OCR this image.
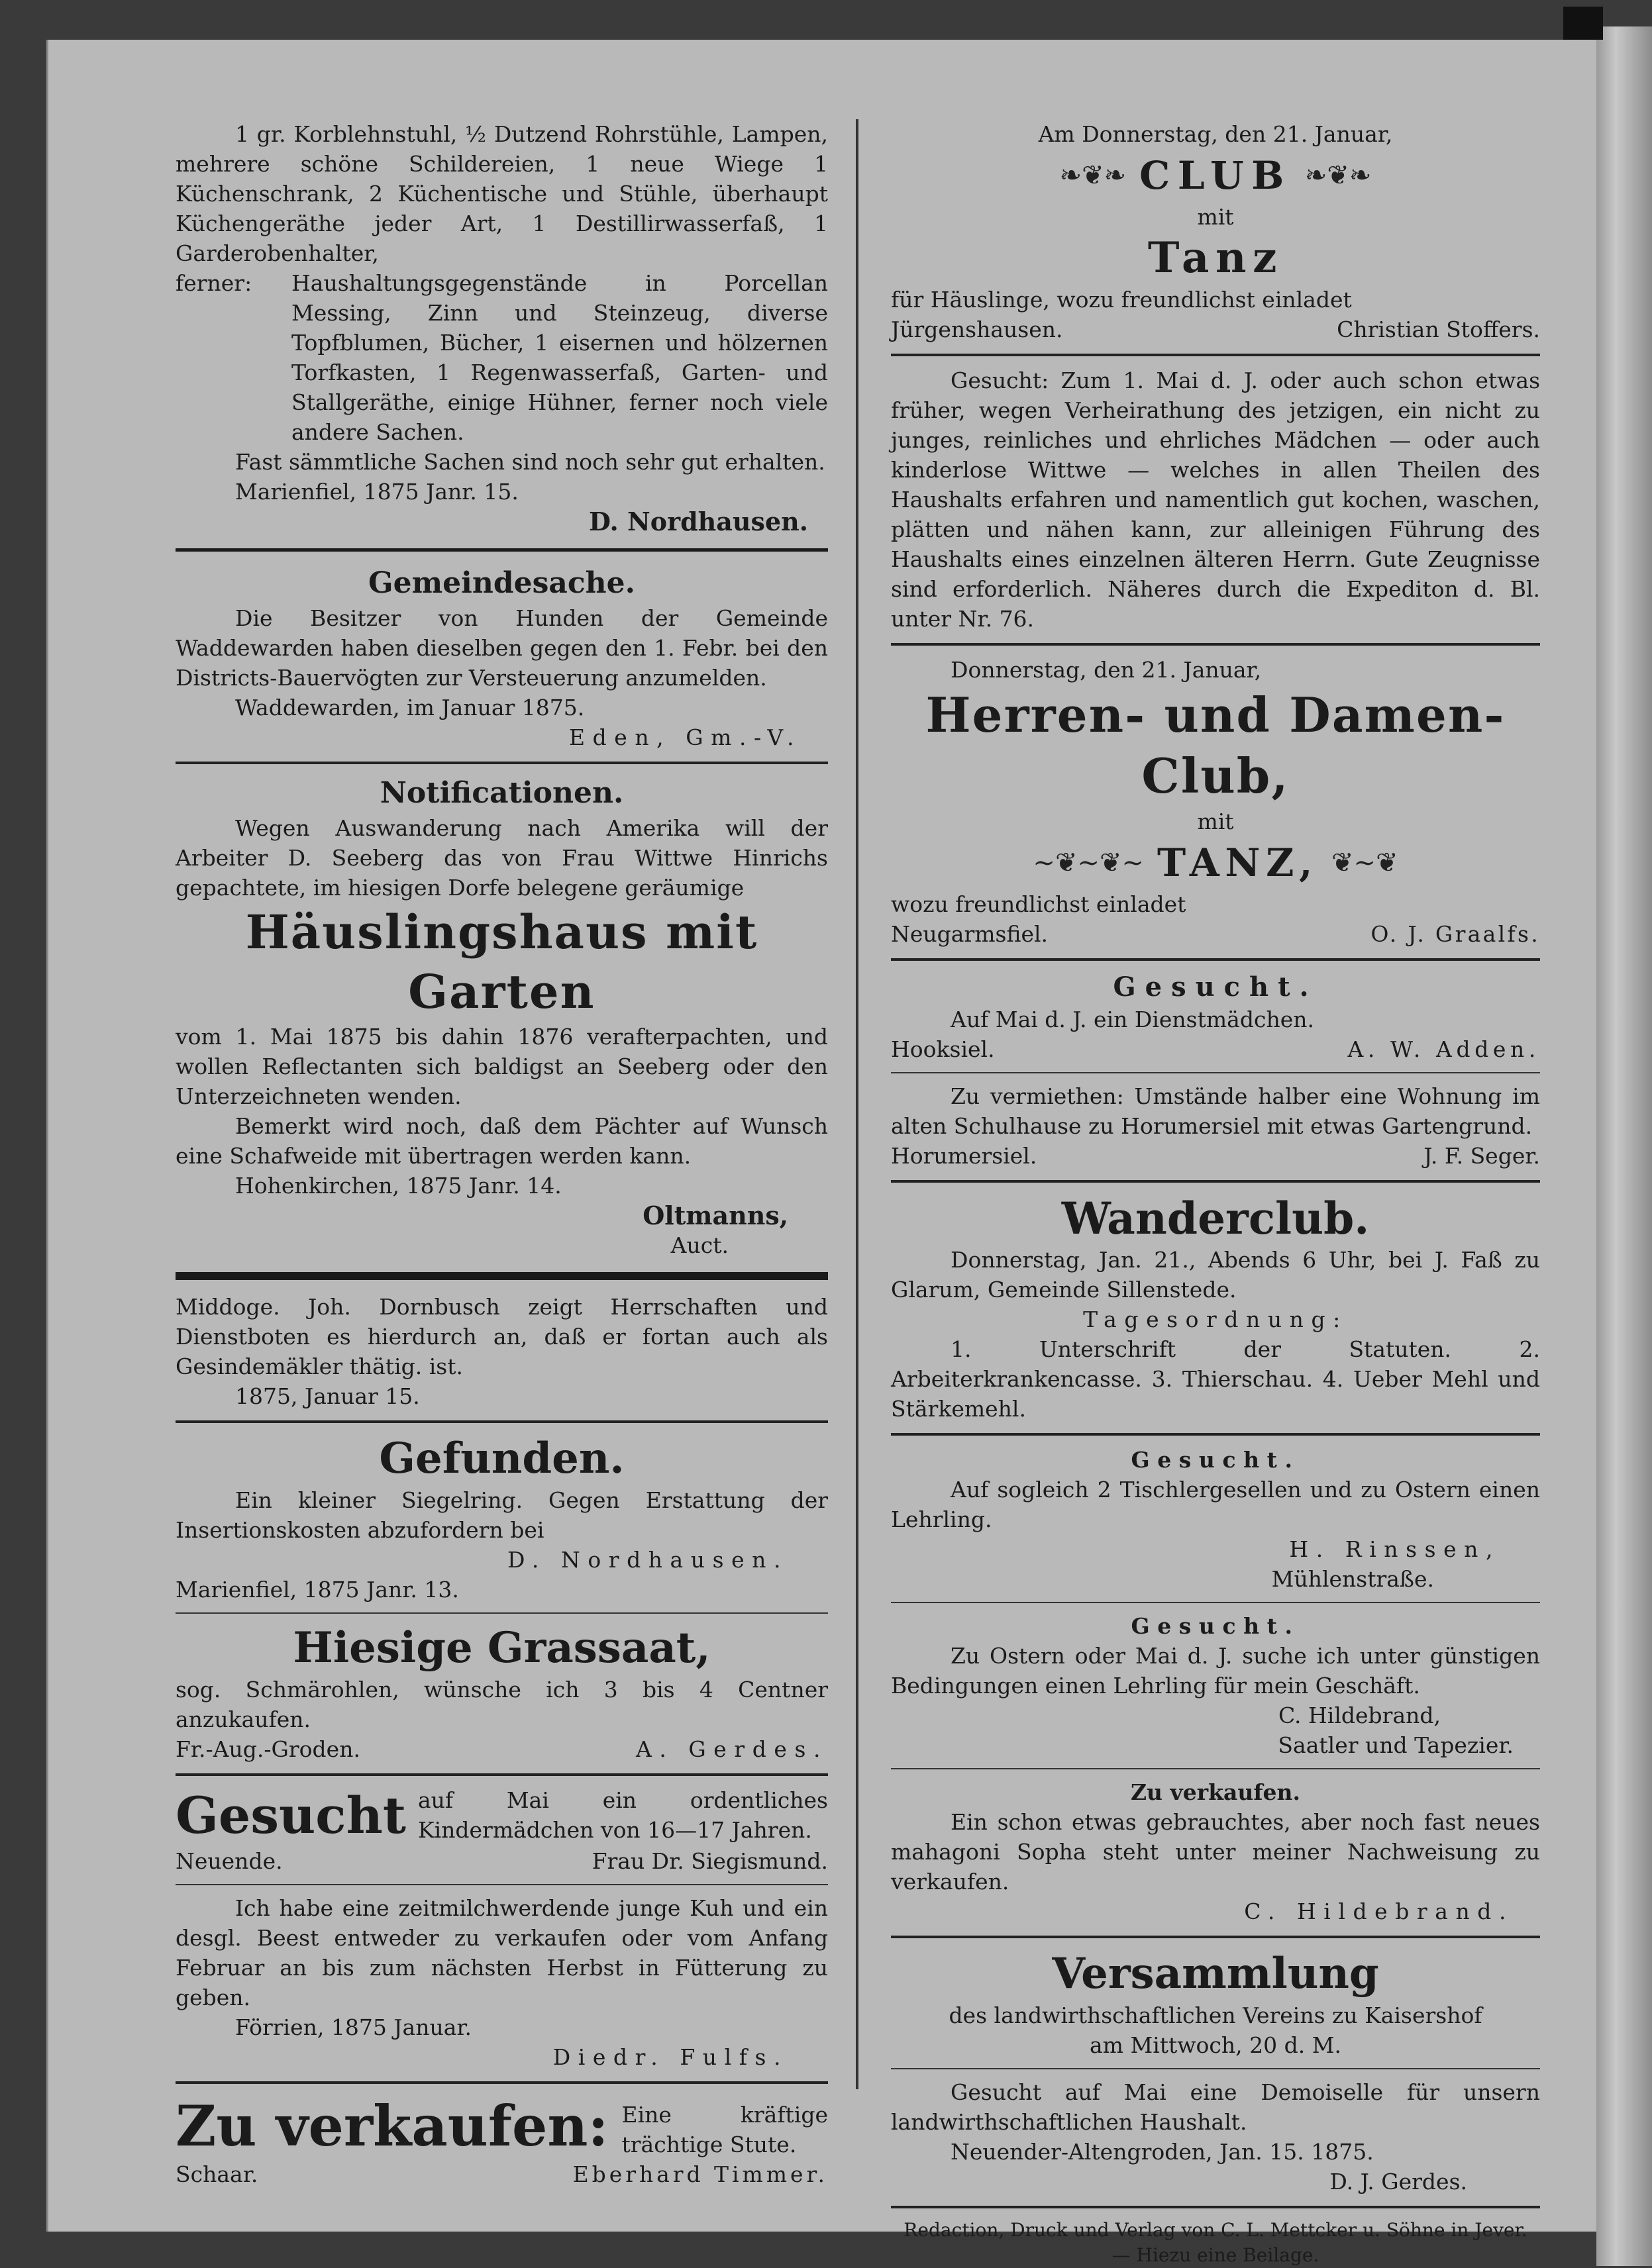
1 gr. Korblehnstuhl, ½ Dutzend Rohrstühle, Lampen, mehrere schöne Schildereien, 1 neue Wiege 1 Küchenschrank, 2 Küchentische und Stühle, überhaupt Küchengeräthe jeder Art, 1 Destillirwasserfaß, 1 Garderobenhalter,

ferner:	Haushaltungsgegenstände in Porcellan Messing, Zinn und Steinzeug, diverse Topfblumen, Bücher, 1 eisernen und hölzernen Torfkasten, 1 Regenwasserfaß, Garten- und Stallgeräthe, einige Hühner, ferner noch viele andere Sachen.

Fast sämmtliche Sachen sind noch sehr gut erhalten.

Marienfiel, 1875 Janr. 15.

D. Nordhausen.

Gemeindesache.

Die Besitzer von Hunden der Gemeinde Waddewarden haben dieselben gegen den 1. Febr. bei den Districts-Bauervögten zur Versteuerung anzumelden.

Waddewarden, im Januar 1875.

Eden, Gm.-V.

Notificationen.

Wegen Auswanderung nach Amerika will der Arbeiter D. Seeberg das von Frau Wittwe Hinrichs gepachtete, im hiesigen Dorfe belegene geräumige

Häuslingshaus mit Garten

vom 1. Mai 1875 bis dahin 1876 verafterpachten, und wollen Reflectanten sich baldigst an Seeberg oder den Unterzeichneten wenden.

Bemerkt wird noch, daß dem Pächter auf Wunsch eine Schafweide mit übertragen werden kann.

Hohenkirchen, 1875 Janr. 14.

Oltmanns,

Auct.

Middoge. Joh. Dornbusch zeigt Herrschaften und Dienstboten es hierdurch an, daß er fortan auch als Gesindemäkler thätig. ist.

1875, Januar 15.

Gefunden.

Ein kleiner Siegelring. Gegen Erstattung der Insertionskosten abzufordern bei

D. Nordhausen.

Marienfiel, 1875 Janr. 13.

Hiesige Grassaat,

sog. Schmärohlen, wünsche ich 3 bis 4 Centner anzukaufen.

Fr.-Aug.-Groden.	A. Gerdes.
Gesucht auf Mai ein ordentliches Kindermädchen von 16—17 Jahren.

Neuende.	Frau Dr. Siegismund.

Ich habe eine zeitmilchwerdende junge Kuh und ein desgl. Beest entweder zu verkaufen oder vom Anfang Februar an bis zum nächsten Herbst in Fütterung zu geben.

Förrien, 1875 Januar.

Diedr. Fulfs.

Zu verkaufen: Eine kräftige trächtige Stute.

Schaar.	Eberhard Timmer.

Am Donnerstag, den 21. Januar,

❧❦❧ CLUB ❧❦❧

mit

Tanz

für Häuslinge, wozu freundlichst einladet

Jürgenshausen.	Christian Stoffers.

Gesucht: Zum 1. Mai d. J. oder auch schon etwas früher, wegen Verheirathung des jetzigen, ein nicht zu junges, reinliches und ehrliches Mädchen — oder auch kinderlose Wittwe — welches in allen Theilen des Haushalts erfahren und namentlich gut kochen, waschen, plätten und nähen kann, zur alleinigen Führung des Haushalts eines einzelnen älteren Herrn. Gute Zeugnisse sind erforderlich. Näheres durch die Expediton d. Bl. unter Nr. 76.

Donnerstag, den 21. Januar,

Herren- und Damen-Club,

mit

∼❦∼❦∼ TANZ, ❦∼❦

wozu freundlichst einladet

Neugarmsfiel.	O. J. Graalfs.

Gesucht.

Auf Mai d. J. ein Dienstmädchen.

Hooksiel.	A. W. Adden.

Zu vermiethen: Umstände halber eine Wohnung im alten Schulhause zu Horumersiel mit etwas Gartengrund.

Horumersiel.	J. F. Seger.

Wanderclub.

Donnerstag, Jan. 21., Abends 6 Uhr, bei J. Faß zu Glarum, Gemeinde Sillenstede.

Tagesordnung:

1. Unterschrift der Statuten. 2. Arbeiterkrankencasse. 3. Thierschau. 4. Ueber Mehl und Stärkemehl.

Gesucht.

Auf sogleich 2 Tischlergesellen und zu Ostern einen Lehrling.

H. Rinssen,

Mühlenstraße.

Gesucht.

Zu Ostern oder Mai d. J. suche ich unter günstigen Bedingungen einen Lehrling für mein Geschäft.

C. Hildebrand,

Saatler und Tapezier.

Zu verkaufen.

Ein schon etwas gebrauchtes, aber noch fast neues mahagoni Sopha steht unter meiner Nachweisung zu verkaufen.

C. Hildebrand.

Versammlung

des landwirthschaftlichen Vereins zu Kaisershof

am Mittwoch, 20 d. M.

Gesucht auf Mai eine Demoiselle für unsern landwirthschaftlichen Haushalt.

Neuender-Altengroden, Jan. 15. 1875.

D. J. Gerdes.

Redaction, Druck und Verlag von C. L. Mettcker u. Söhne in Jever.

— Hiezu eine Beilage.
